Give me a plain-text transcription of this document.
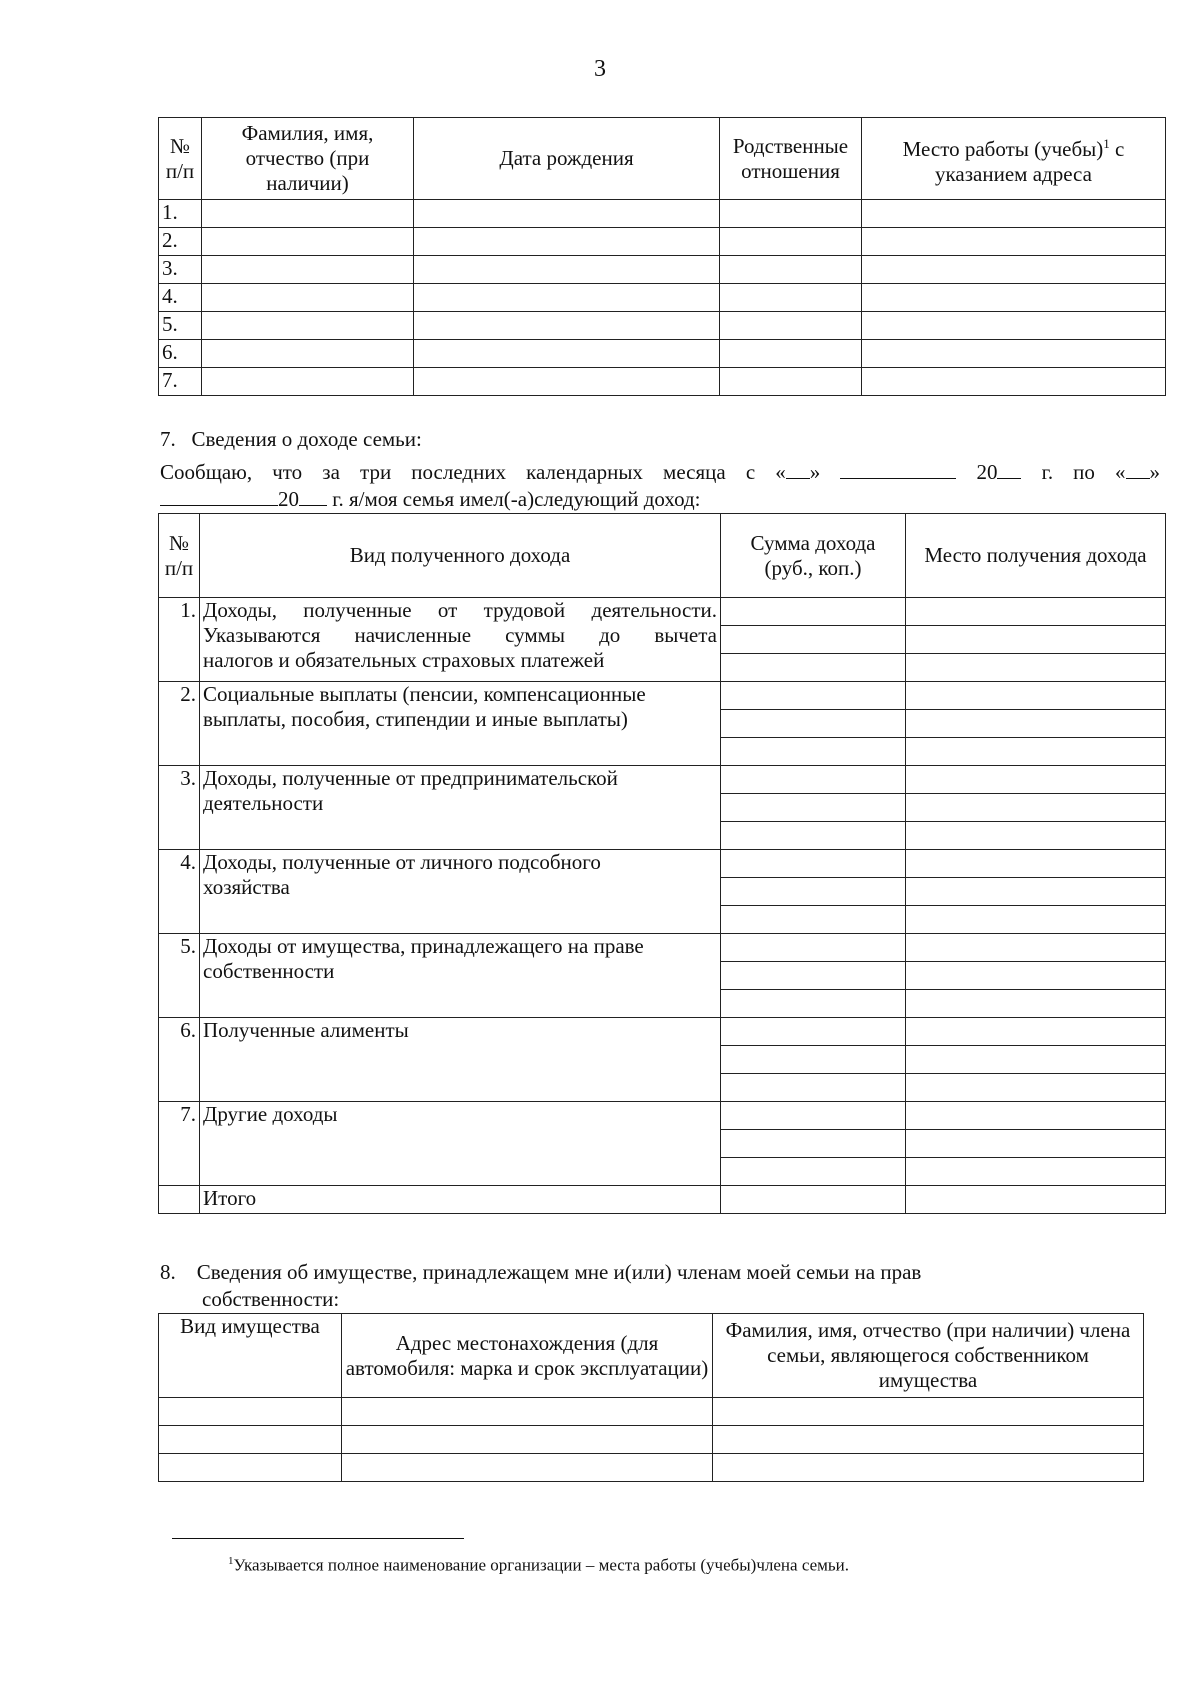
3
№ п/п	Фамилия, имя, отчество (при наличии)	Дата рождения	Родственные отношения	Место работы (учебы)$^1$ с указанием адреса
1.				
2.				
3.				
4.				
5.				
6.				
7.				
7. Сведения о доходе семьи:
Сообщаю, что за три последних календарных месяца с « »	20 г. по « »
20 г. я/моя семья имел(-а)следующий доход:
№ п/п	Вид полученного дохода	Сумма дохода (руб., коп.)	Место получения дохода
1.	Доходы, полученные от трудовой деятельности.
Указываются начисленные суммы до вычета
налогов и обязательных страховых платежей		

2.	Социальные выплаты (пенсии, компенсационные
выплаты, пособия, стипендии и иные выплаты)		

3.	Доходы, полученные от предпринимательской
деятельности		

4.	Доходы, полученные от личного подсобного
хозяйства		

5.	Доходы от имущества, принадлежащего на праве
собственности		

6.	Полученные алименты		

7.	Другие доходы		

	Итого		
8. Сведения об имуществе, принадлежащем мне и(или) членам моей семьи на прав
собственности:
Вид имущества	Адрес местонахождения (для автомобиля: марка и срок эксплуатации)	Фамилия, имя, отчество (при наличии) члена семьи, являющегося собственником имущества

$^1$Указывается полное наименование организации – места работы (учебы)члена семьи.
